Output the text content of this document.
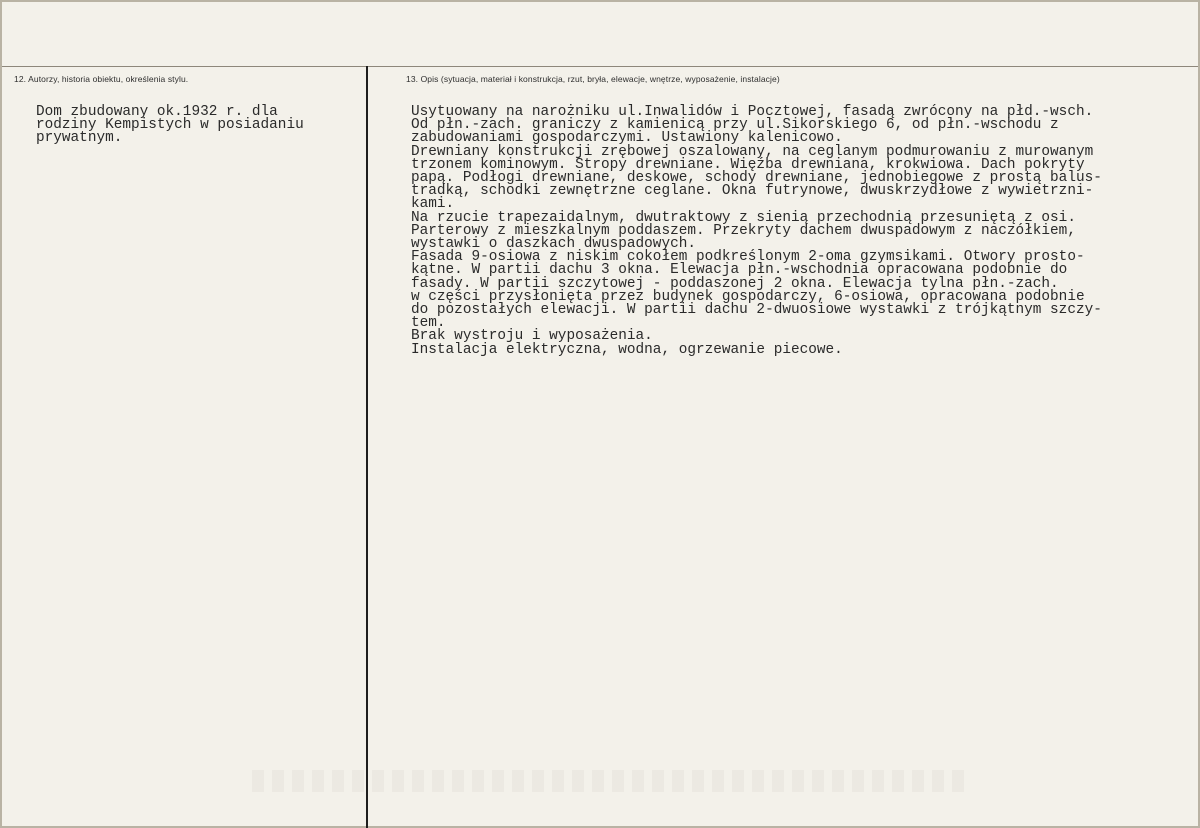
12. Autorzy, historia obiektu, określenia stylu.	13. Opis (sytuacja, materiał i konstrukcja, rzut, bryła, elewacje, wnętrze, wyposażenie, instalacje)
Dom zbudowany ok.1932 r. dla
rodziny Kempistych w posiadaniu
prywatnym.
Usytuowany na narożniku ul.Inwalidów i Pocztowej, fasadą zwrócony na płd.-wsch.
Od płn.-zach. graniczy z kamienicą przy ul.Sikorskiego 6, od płn.-wschodu z
zabudowaniami gospodarczymi. Ustawiony kalenicowo.
Drewniany konstrukcji zrębowej oszalowany, na ceglanym podmurowaniu z murowanym
trzonem kominowym. Stropy drewniane. Więźba drewniana, krokwiowa. Dach pokryty
papą. Podłogi drewniane, deskowe, schody drewniane, jednobiegowe z prostą balus-
tradką, schodki zewnętrzne ceglane. Okna futrynowe, dwuskrzydłowe z wywietrzni-
kami.
Na rzucie trapezaidalnym, dwutraktowy z sienią przechodnią przesuniętą z osi.
Parterowy z mieszkalnym poddaszem. Przekryty dachem dwuspadowym z naczółkiem,
wystawki o daszkach dwuspadowych.
Fasada 9-osiowa z niskim cokołem podkreślonym 2-oma gzymsikami. Otwory prosto-
kątne. W partii dachu 3 okna. Elewacja płn.-wschodnia opracowana podobnie do
fasady. W partii szczytowej - poddaszonej 2 okna. Elewacja tylna płn.-zach.
w części przysłonięta przez budynek gospodarczy, 6-osiowa, opracowana podobnie
do pozostałych elewacji. W partii dachu 2-dwuosiowe wystawki z trójkątnym szczy-
tem.
Brak wystroju i wyposażenia.
Instalacja elektryczna, wodna, ogrzewanie piecowe.
